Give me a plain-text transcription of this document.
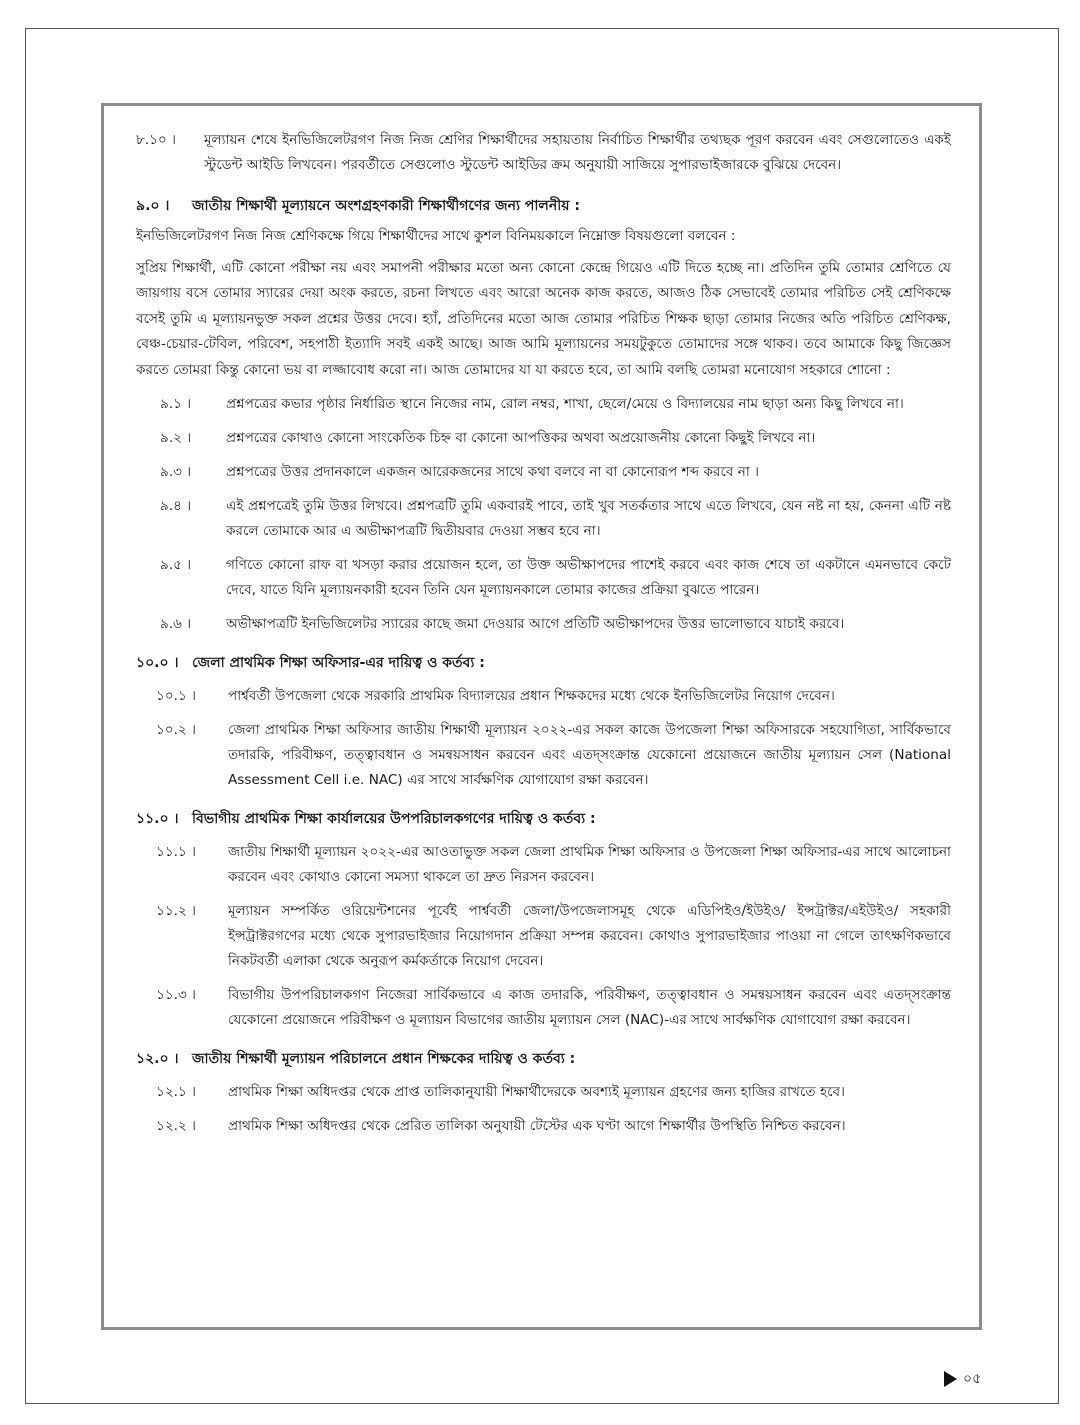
৮.১০ । মূল্যায়ন শেষে ইনভিজিলেটরগণ নিজ নিজ শ্রেণির শিক্ষার্থীদের সহায়তায় নির্বাচিত শিক্ষার্থীর তথ্যছক পূরণ করবেন এবং সেগুলোতেও একই স্টুডেন্ট আইডি লিখবেন। পরবর্তীতে সেগুলোও স্টুডেন্ট আইডির ক্রম অনুযায়ী সাজিয়ে সুপারভাইজারকে বুঝিয়ে দেবেন।
৯.০ । জাতীয় শিক্ষার্থী মূল্যায়নে অংশগ্রহণকারী শিক্ষার্থীগণের জন্য পালনীয় :
ইনভিজিলেটরগণ নিজ নিজ শ্রেণিকক্ষে গিয়ে শিক্ষার্থীদের সাথে কুশল বিনিময়কালে নিম্নোক্ত বিষয়গুলো বলবেন :
সুপ্রিয় শিক্ষার্থী, এটি কোনো পরীক্ষা নয় এবং সমাপনী পরীক্ষার মতো অন্য কোনো কেন্দ্রে গিয়েও এটি দিতে হচ্ছে না। প্রতিদিন তুমি তোমার শ্রেণিতে যে জায়গায় বসে তোমার স্যারের দেয়া অংক করতে, রচনা লিখতে এবং আরো অনেক কাজ করতে, আজও ঠিক সেভাবেই তোমার পরিচিত সেই শ্রেণিকক্ষে বসেই তুমি এ মূল্যায়নভুক্ত সকল প্রশ্নের উত্তর দেবে। হ্যাঁ, প্রতিদিনের মতো আজ তোমার পরিচিত শিক্ষক ছাড়া তোমার নিজের অতি পরিচিত শ্রেণিকক্ষ, বেঞ্চ-চেয়ার-টেবিল, পরিবেশ, সহপাঠী ইত্যাদি সবই একই আছে। আজ আমি মূল্যায়নের সময়টুকুতে তোমাদের সঙ্গে থাকব। তবে আমাকে কিছু জিজ্ঞেস করতে তোমরা কিন্তু কোনো ভয় বা লজ্জাবোধ করো না। আজ তোমাদের যা যা করতে হবে, তা আমি বলছি তোমরা মনোযোগ সহকারে শোনো :
৯.১ ।	প্রশ্নপত্রের কভার পৃষ্ঠার নির্ধারিত স্থানে নিজের নাম, রোল নম্বর, শাখা, ছেলে/মেয়ে ও বিদ্যালয়ের নাম ছাড়া অন্য কিছু লিখবে না।
৯.২ ।	প্রশ্নপত্রের কোথাও কোনো সাংকেতিক চিহ্ন বা কোনো আপত্তিকর অথবা অপ্রয়োজনীয় কোনো কিছুই লিখবে না।
৯.৩ ।	প্রশ্নপত্রের উত্তর প্রদানকালে একজন আরেকজনের সাথে কথা বলবে না বা কোনোরূপ শব্দ করবে না ।
৯.৪ ।	এই প্রশ্নপত্রেই তুমি উত্তর লিখবে। প্রশ্নপত্রটি তুমি একবারই পাবে, তাই খুব সতর্কতার সাথে এতে লিখবে, যেন নষ্ট না হয়, কেননা এটি নষ্ট করলে তোমাকে আর এ অভীক্ষাপত্রটি দ্বিতীয়বার দেওয়া সম্ভব হবে না।
৯.৫ ।	গণিতে কোনো রাফ বা খসড়া করার প্রয়োজন হলে, তা উক্ত অভীক্ষাপদের পাশেই করবে এবং কাজ শেষে তা একটানে এমনভাবে কেটে দেবে, যাতে যিনি মূল্যায়নকারী হবেন তিনি যেন মূল্যায়নকালে তোমার কাজের প্রক্রিয়া বুঝতে পারেন।
৯.৬ ।	অভীক্ষাপত্রটি ইনভিজিলেটর স্যারের কাছে জমা দেওয়ার আগে প্রতিটি অভীক্ষাপদের উত্তর ভালোভাবে যাচাই করবে।
১০.০ । জেলা প্রাথমিক শিক্ষা অফিসার-এর দায়িত্ব ও কর্তব্য :
১০.১ । পার্শ্ববর্তী উপজেলা থেকে সরকারি প্রাথমিক বিদ্যালয়ের প্রধান শিক্ষকদের মধ্যে থেকে ইনভিজিলেটর নিয়োগ দেবেন।
১০.২ । জেলা প্রাথমিক শিক্ষা অফিসার জাতীয় শিক্ষার্থী মূল্যায়ন ২০২২-এর সকল কাজে উপজেলা শিক্ষা অফিসারকে সহযোগিতা, সার্বিকভাবে তদারকি, পরিবীক্ষণ, তত্ত্বাবধান ও সমন্বয়সাধন করবেন এবং এতদ্‌সংক্রান্ত যেকোনো প্রয়োজনে জাতীয় মূল্যায়ন সেল (National Assessment Cell i.e. NAC) এর সাথে সার্বক্ষণিক যোগাযোগ রক্ষা করবেন।
১১.০ । বিভাগীয় প্রাথমিক শিক্ষা কার্যালয়ের উপপরিচালকগণের দায়িত্ব ও কর্তব্য :
১১.১ । জাতীয় শিক্ষার্থী মূল্যায়ন ২০২২-এর আওতাভুক্ত সকল জেলা প্রাথমিক শিক্ষা অফিসার ও উপজেলা শিক্ষা অফিসার-এর সাথে আলোচনা করবেন এবং কোথাও কোনো সমস্যা থাকলে তা দ্রুত নিরসন করবেন।
১১.২ । মূল্যায়ন সম্পর্কিত ওরিয়েন্টশনের পূর্বেই পার্শ্ববর্তী জেলা/উপজেলাসমূহ থেকে এডিপিইও/ইউইও/ ইন্সট্রাক্টর/এইউইও/ সহকারী ইন্সট্রাক্টরগণের মধ্যে থেকে সুপারভাইজার নিয়োগদান প্রক্রিয়া সম্পন্ন করবেন। কোথাও সুপারভাইজার পাওয়া না গেলে তাৎক্ষণিকভাবে নিকটবর্তী এলাকা থেকে অনুরূপ কর্মকর্তাকে নিয়োগ দেবেন।
১১.৩ । বিভাগীয় উপপরিচালকগণ নিজেরা সার্বিকভাবে এ কাজ তদারকি, পরিবীক্ষণ, তত্ত্বাবধান ও সমন্বয়সাধন করবেন এবং এতদ্‌সংক্রান্ত যেকোনো প্রয়োজনে পরিবীক্ষণ ও মূল্যায়ন বিভাগের জাতীয় মূল্যায়ন সেল (NAC)-এর সাথে সার্বক্ষণিক যোগাযোগ রক্ষা করবেন।
১২.০ । জাতীয় শিক্ষার্থী মূল্যায়ন পরিচালনে প্রধান শিক্ষকের দায়িত্ব ও কর্তব্য :
১২.১ । প্রাথমিক শিক্ষা অধিদপ্তর থেকে প্রাপ্ত তালিকানুযায়ী শিক্ষার্থীদেরকে অবশ্যই মূল্যায়ন গ্রহণের জন্য হাজির রাখতে হবে।
১২.২ । প্রাথমিক শিক্ষা অধিদপ্তর থেকে প্রেরিত তালিকা অনুযায়ী টেস্টের এক ঘণ্টা আগে শিক্ষার্থীর উপস্থিতি নিশ্চিত করবেন।
০৫
